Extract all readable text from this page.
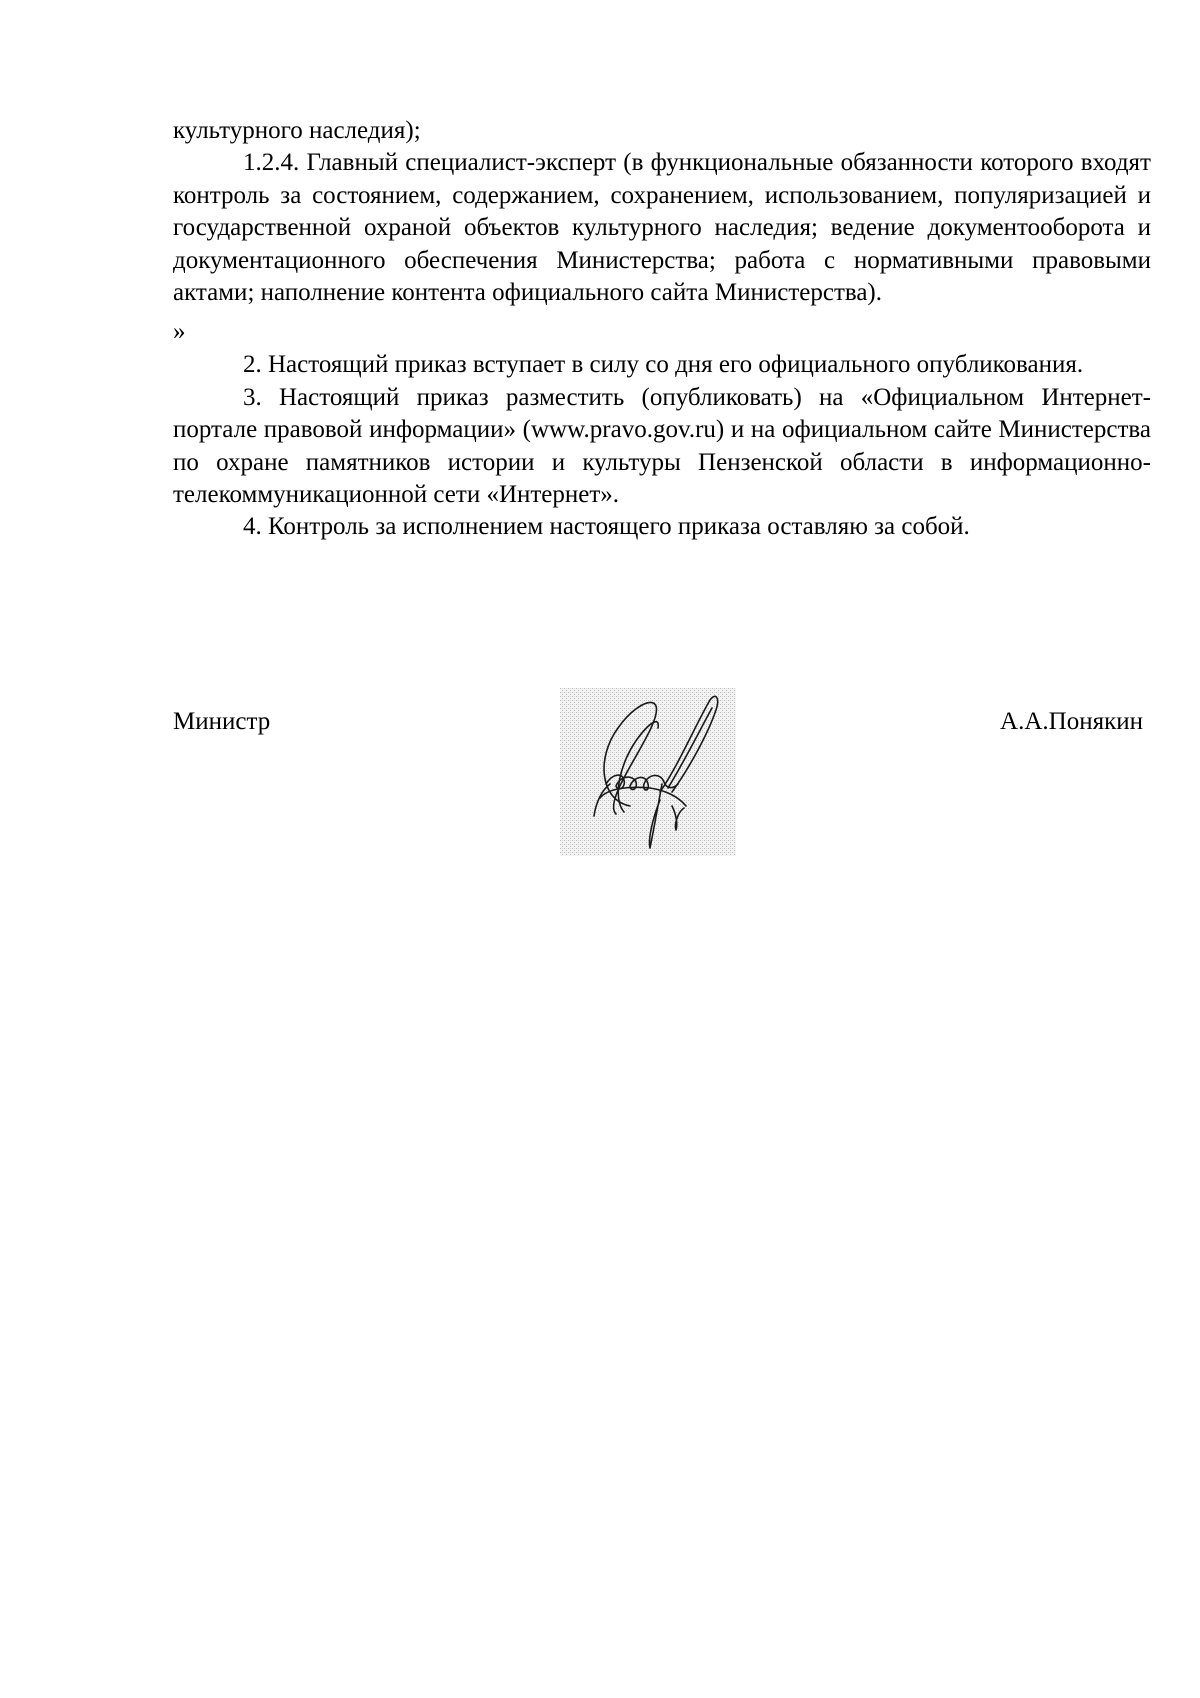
культурного наследия);

1.2.4. Главный специалист-эксперт (в функциональные обязанности которого входят контроль за состоянием, содержанием, сохранением, использованием, популяризацией и государственной охраной объектов культурного наследия; ведение документооборота и документационного обеспечения Министерства; работа с нормативными правовыми актами; наполнение контента официального сайта Министерства).

»

2. Настоящий приказ вступает в силу со дня его официального опубликования.

3. Настоящий приказ разместить (опубликовать) на «Официальном Интернет-портале правовой информации» (www.pravo.gov.ru) и на официальном сайте Министерства по охране памятников истории и культуры Пензенской области в информационно-телекоммуникационной сети «Интернет».

4. Контроль за исполнением настоящего приказа оставляю за собой.

Министр	А.А.Понякин
